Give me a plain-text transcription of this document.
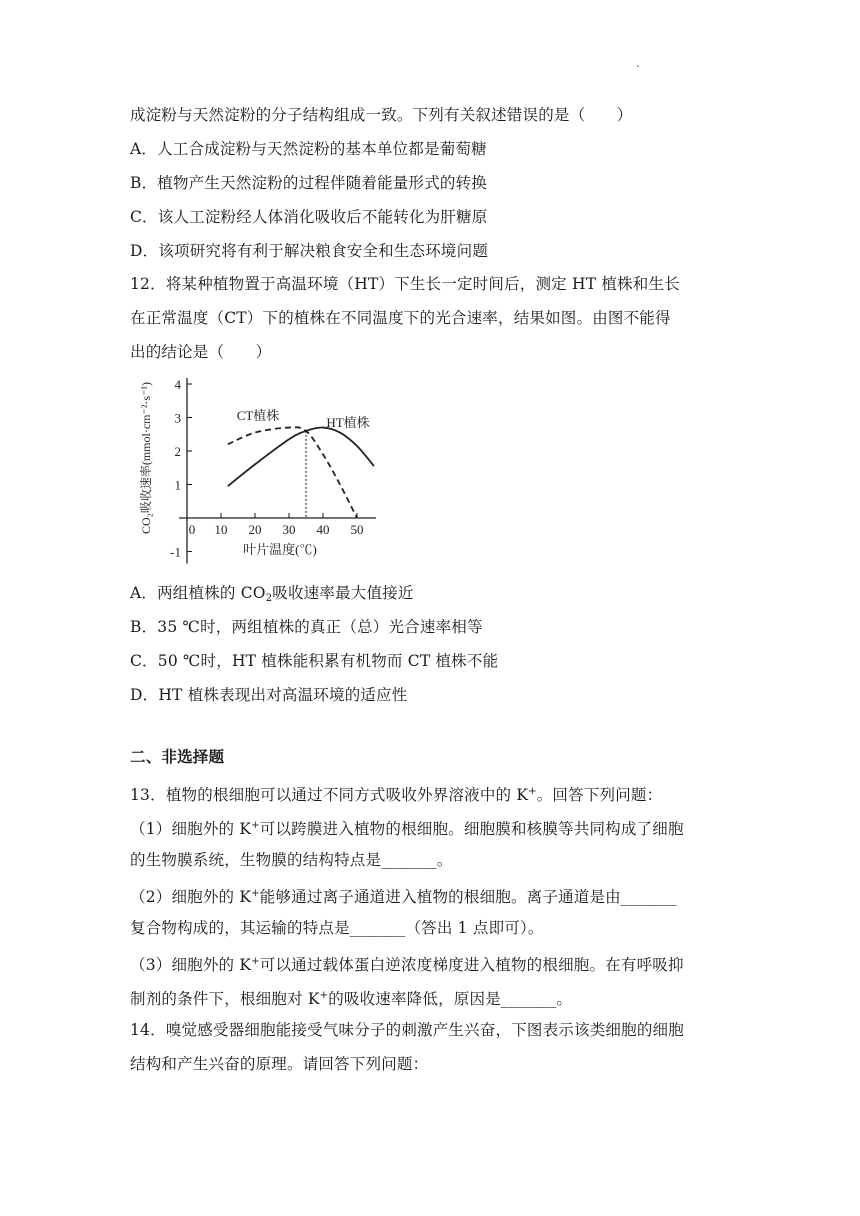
.
成淀粉与天然淀粉的分子结构组成一致。下列有关叙述错误的是（　　）
A．人工合成淀粉与天然淀粉的基本单位都是葡萄糖
B．植物产生天然淀粉的过程伴随着能量形式的转换
C．该人工淀粉经人体消化吸收后不能转化为肝糖原
D．该项研究将有利于解决粮食安全和生态环境问题
12．将某种植物置于高温环境（HT）下生长一定时间后，测定 HT 植株和生长
在正常温度（CT）下的植株在不同温度下的光合速率，结果如图。由图不能得
出的结论是（　　）
-1
1
2
3
4
0 10 20 30 40 50
CT植株	HT植株
叶片温度(℃)
CO₂吸收速率(mmol·cm⁻²·s⁻¹)
A．两组植株的 $CO_2$吸收速率最大值接近
B．35 ℃时，两组植株的真正（总）光合速率相等
C．50 ℃时，HT 植株能积累有机物而 CT 植株不能
D．HT 植株表现出对高温环境的适应性
二、非选择题
13．植物的根细胞可以通过不同方式吸收外界溶液中的 K+。回答下列问题：
（1）细胞外的 K+可以跨膜进入植物的根细胞。细胞膜和核膜等共同构成了细胞
的生物膜系统，生物膜的结构特点是_______。
（2）细胞外的 K+能够通过离子通道进入植物的根细胞。离子通道是由_______
复合物构成的，其运输的特点是_______（答出 1 点即可）。
（3）细胞外的 K+可以通过载体蛋白逆浓度梯度进入植物的根细胞。在有呼吸抑
制剂的条件下，根细胞对 K+的吸收速率降低，原因是_______。
14．嗅觉感受器细胞能接受气味分子的刺激产生兴奋，下图表示该类细胞的细胞
结构和产生兴奋的原理。请回答下列问题：
